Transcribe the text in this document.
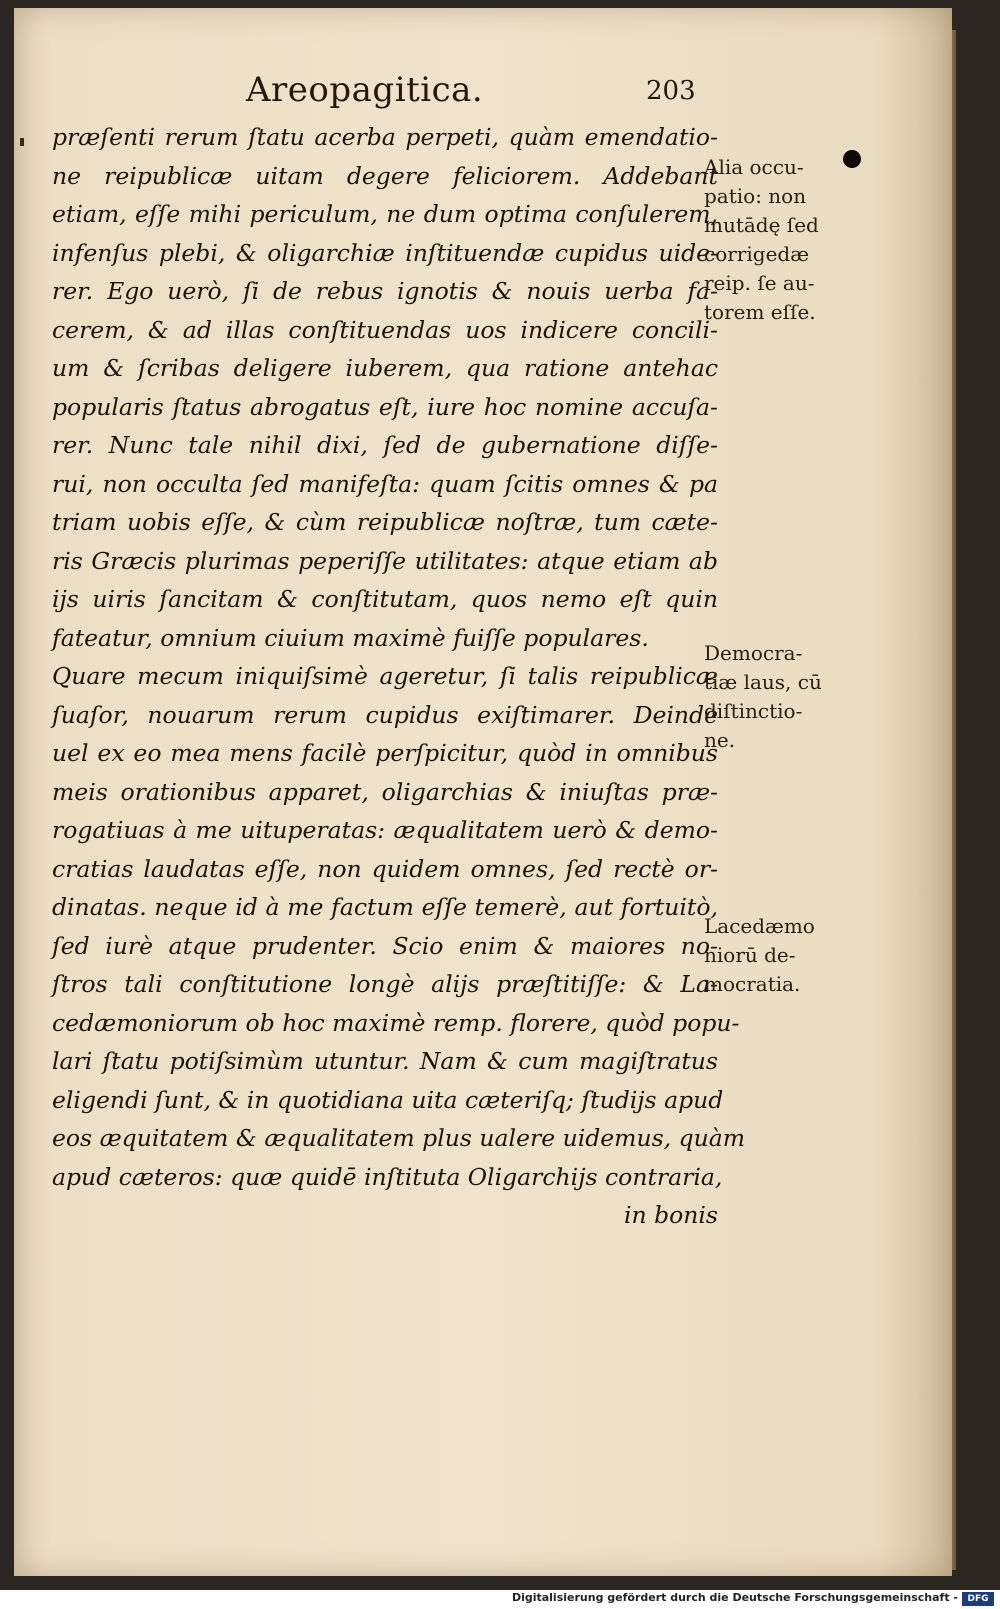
Areopagitica.	203
præſenti rerum ſtatu acerba perpeti, quàm emendatio-
ne reipublicæ uitam degere feliciorem. Addebant
etiam, eſſe mihi periculum, ne dum optima conſulerem,
infenſus plebi, & oligarchiæ inſtituendæ cupidus uide-
rer. Ego uerò, ſi de rebus ignotis & nouis uerba fa-
cerem, & ad illas conſtituendas uos indicere concili-
um & ſcribas deligere iuberem, qua ratione antehac
popularis ſtatus abrogatus eſt, iure hoc nomine accuſa-
rer. Nunc tale nihil dixi, ſed de gubernatione diſſe-
rui, non occulta ſed manifeſta: quam ſcitis omnes & pa
triam uobis eſſe, & cùm reipublicæ noſtræ, tum cæte-
ris Græcis plurimas peperiſſe utilitates: atque etiam ab
ijs uiris ſancitam & conſtitutam, quos nemo eſt quin
fateatur, omnium ciuium maximè fuiſſe populares.
Quare mecum iniquiſsimè ageretur, ſi talis reipublicæ
ſuaſor, nouarum rerum cupidus exiſtimarer. Deinde
uel ex eo mea mens facilè perſpicitur, quòd in omnibus
meis orationibus apparet, oligarchias & iniuſtas præ-
rogatiuas à me uituperatas: æqualitatem uerò & demo-
cratias laudatas eſſe, non quidem omnes, ſed rectè or-
dinatas. neque id à me factum eſſe temerè, aut fortuitò,
ſed iurè atque prudenter. Scio enim & maiores no-
ſtros tali conſtitutione longè alijs præſtitiſſe: & La-
cedæmoniorum ob hoc maximè remp. florere, quòd popu-
lari ſtatu potiſsimùm utuntur. Nam & cum magiſtratus
eligendi ſunt, & in quotidiana uita cæteriſq; ſtudijs apud
eos æquitatem & æqualitatem plus ualere uidemus, quàm
apud cæteros: quæ quidē inſtituta Oligarchijs contraria,
in bonis
Alia occu-
patio: non
mutādę ſed
corrigedæ
reip. ſe au-
torem eſſe.
Democra-
tiæ laus, cū
diſtinctio-
ne.
Lacedæmo
niorū de-
mocratia.
Digitalisierung gefördert durch die Deutsche Forschungsgemeinschaft -	DFG
